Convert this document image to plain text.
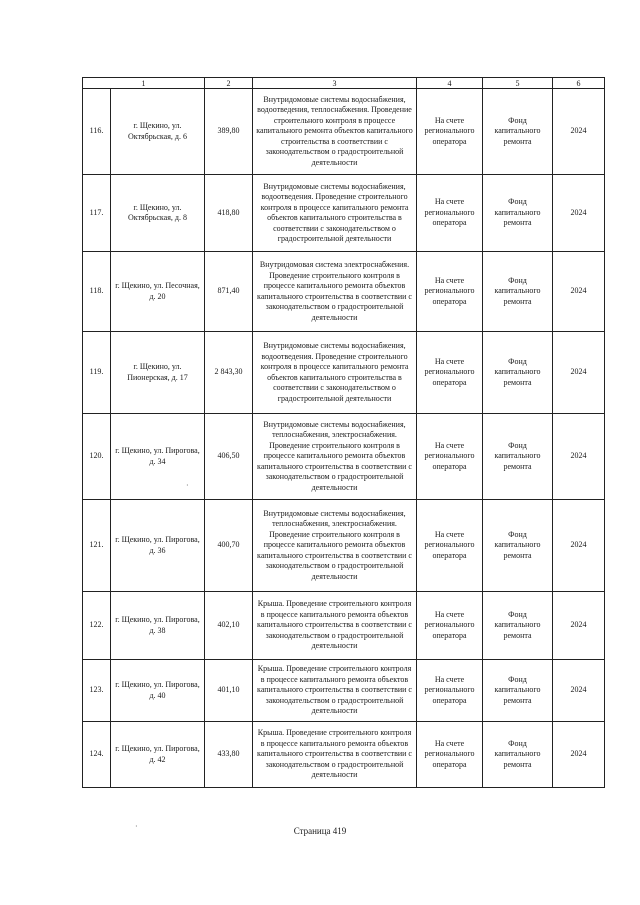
1		2	3	4	5	6
116.	г. Щекино, ул. Октябрьская, д. 6	389,80	Внутридомовые системы водоснабжения, водоотведения, теплоснабжения. Проведение строительного контроля в процессе капитального ремонта объектов капитального строительства в соответствии с законодательством о градостроительной деятельности	На счете регионального оператора	Фонд капитального ремонта	2024
117.	г. Щекино, ул. Октябрьская, д. 8	418,80	Внутридомовые системы водоснабжения, водоотведения. Проведение строительного контроля в процессе капитального ремонта объектов капитального строительства в соответствии с законодательством о градостроительной деятельности	На счете регионального оператора	Фонд капитального ремонта	2024
118.	г. Щекино, ул. Песочная, д. 20	871,40	Внутридомовая система электроснабжения. Проведение строительного контроля в процессе капитального ремонта объектов капитального строительства в соответствии с законодательством о градостроительной деятельности	На счете регионального оператора	Фонд капитального ремонта	2024
119.	г. Щекино, ул. Пионерская, д. 17	2 843,30	Внутридомовые системы водоснабжения, водоотведения. Проведение строительного контроля в процессе капитального ремонта объектов капитального строительства в соответствии с законодательством о градостроительной деятельности	На счете регионального оператора	Фонд капитального ремонта	2024
120.	г. Щекино, ул. Пирогова, д. 34	406,50	Внутридомовые системы водоснабжения, теплоснабжения, электроснабжения. Проведение строительного контроля в процессе капитального ремонта объектов капитального строительства в соответствии с законодательством о градостроительной деятельности	На счете регионального оператора	Фонд капитального ремонта	2024
121.	г. Щекино, ул. Пирогова, д. 36	400,70	Внутридомовые системы водоснабжения, теплоснабжения, электроснабжения. Проведение строительного контроля в процессе капитального ремонта объектов капитального строительства в соответствии с законодательством о градостроительной деятельности	На счете регионального оператора	Фонд капитального ремонта	2024
122.	г. Щекино, ул. Пирогова, д. 38	402,10	Крыша. Проведение строительного контроля в процессе капитального ремонта объектов капитального строительства в соответствии с законодательством о градостроительной деятельности	На счете регионального оператора	Фонд капитального ремонта	2024
123.	г. Щекино, ул. Пирогова, д. 40	401,10	Крыша. Проведение строительного контроля в процессе капитального ремонта объектов капитального строительства в соответствии с законодательством о градостроительной деятельности	На счете регионального оператора	Фонд капитального ремонта	2024
124.	г. Щекино, ул. Пирогова, д. 42	433,80	Крыша. Проведение строительного контроля в процессе капитального ремонта объектов капитального строительства в соответствии с законодательством о градостроительной деятельности	На счете регионального оператора	Фонд капитального ремонта	2024
·
·	Страница 419
